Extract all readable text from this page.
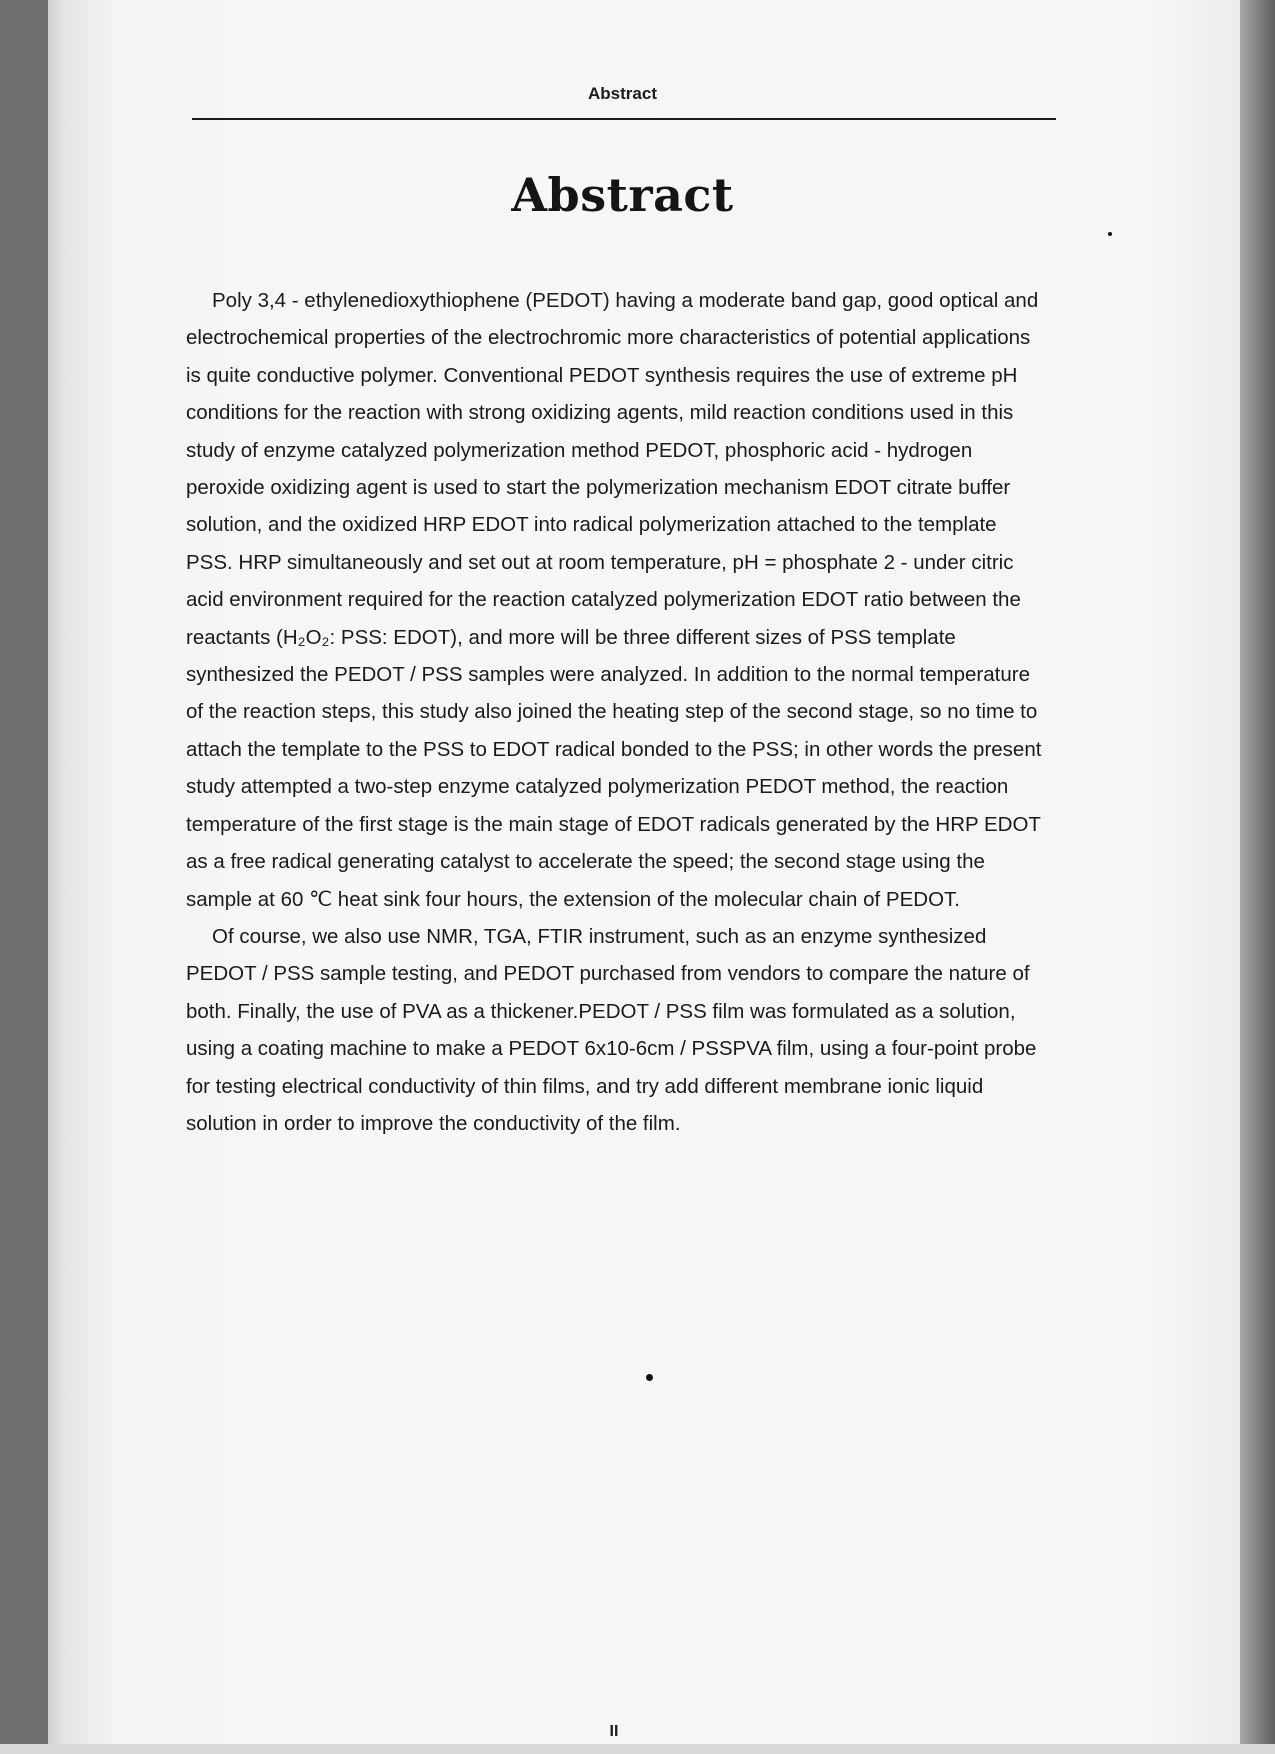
Abstract
Abstract

Poly 3,4 - ethylenedioxythiophene (PEDOT) having a moderate band gap, good optical and electrochemical properties of the electrochromic more characteristics of potential applications is quite conductive polymer. Conventional PEDOT synthesis requires the use of extreme pH conditions for the reaction with strong oxidizing agents, mild reaction conditions used in this study of enzyme catalyzed polymerization method PEDOT, phosphoric acid - hydrogen peroxide oxidizing agent is used to start the polymerization mechanism EDOT citrate buffer solution, and the oxidized HRP EDOT into radical polymerization attached to the template PSS. HRP simultaneously and set out at room temperature, pH = phosphate 2 - under citric acid environment required for the reaction catalyzed polymerization EDOT ratio between the reactants (H₂O₂: PSS: EDOT), and more will be three different sizes of PSS template synthesized the PEDOT / PSS samples were analyzed. In addition to the normal temperature of the reaction steps, this study also joined the heating step of the second stage, so no time to attach the template to the PSS to EDOT radical bonded to the PSS; in other words the present study attempted a two-step enzyme catalyzed polymerization PEDOT method, the reaction temperature of the first stage is the main stage of EDOT radicals generated by the HRP EDOT as a free radical generating catalyst to accelerate the speed; the second stage using the sample at 60 ℃ heat sink four hours, the extension of the molecular chain of PEDOT.

Of course, we also use NMR, TGA, FTIR instrument, such as an enzyme synthesized PEDOT / PSS sample testing, and PEDOT purchased from vendors to compare the nature of both. Finally, the use of PVA as a thickener.PEDOT / PSS film was formulated as a solution, using a coating machine to make a PEDOT 6x10-6cm / PSSPVA film, using a four-point probe for testing electrical conductivity of thin films, and try add different membrane ionic liquid solution in order to improve the conductivity of the film.

II
